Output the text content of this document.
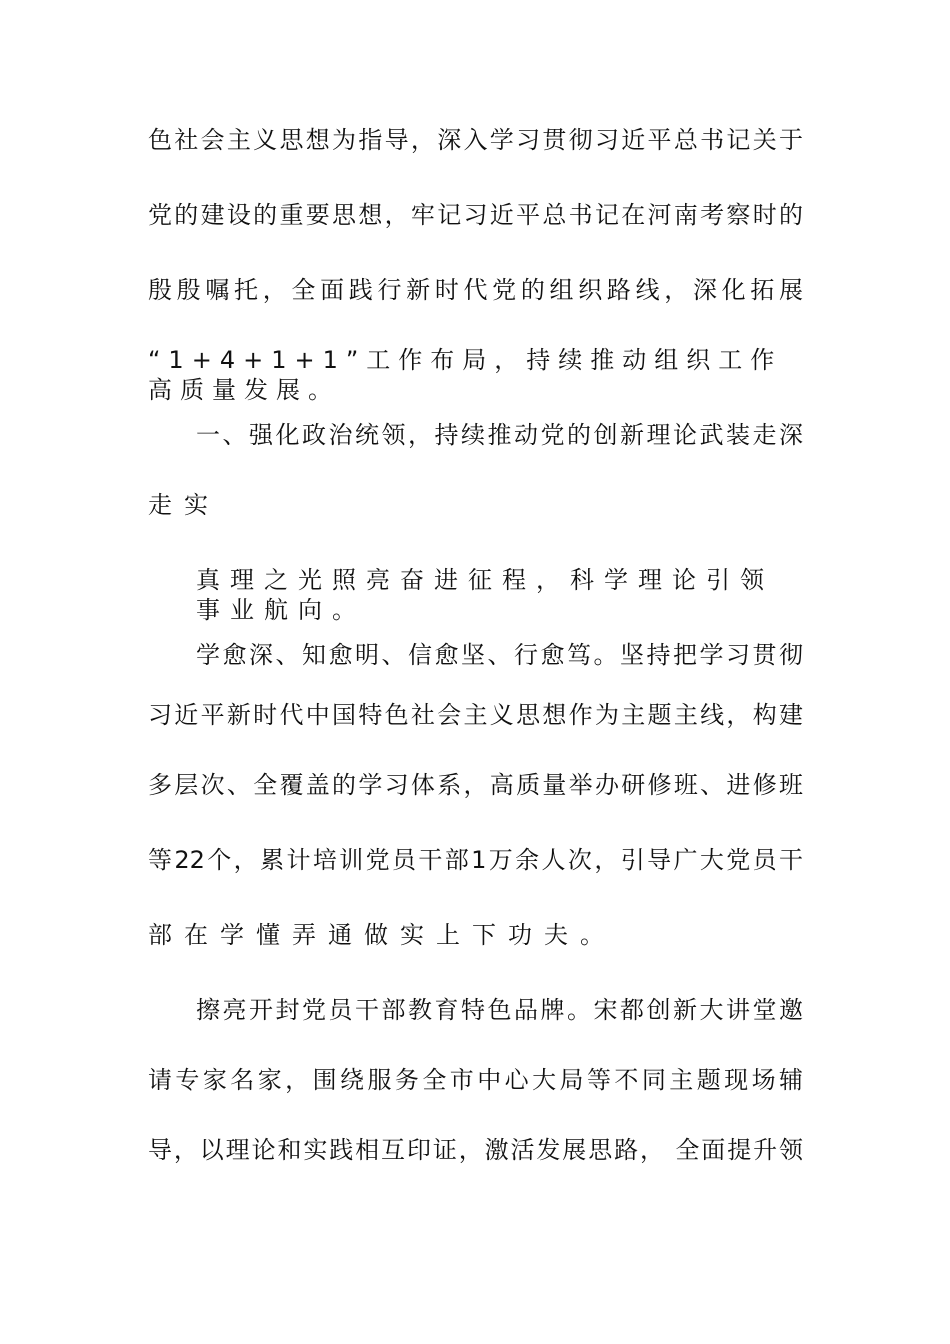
色社会主义思想为指导，深入学习贯彻习近平总书记关于
党的建设的重要思想，牢记习近平总书记在河南考察时的
殷殷嘱托，全面践行新时代党的组织路线，深化拓展
“1+4+1+1”工作布局，持续推动组织工作高质量发展。
一、强化政治统领，持续推动党的创新理论武装走深
走实
真理之光照亮奋进征程，科学理论引领事业航向。
学愈深、知愈明、信愈坚、行愈笃。坚持把学习贯彻
习近平新时代中国特色社会主义思想作为主题主线，构建
多层次、全覆盖的学习体系，高质量举办研修班、进修班
等22个，累计培训党员干部1万余人次，引导广大党员干
部在学懂弄通做实上下功夫。
擦亮开封党员干部教育特色品牌。宋都创新大讲堂邀
请专家名家，围绕服务全市中心大局等不同主题现场辅
导，以理论和实践相互印证，激活发展思路， 全面提升领
